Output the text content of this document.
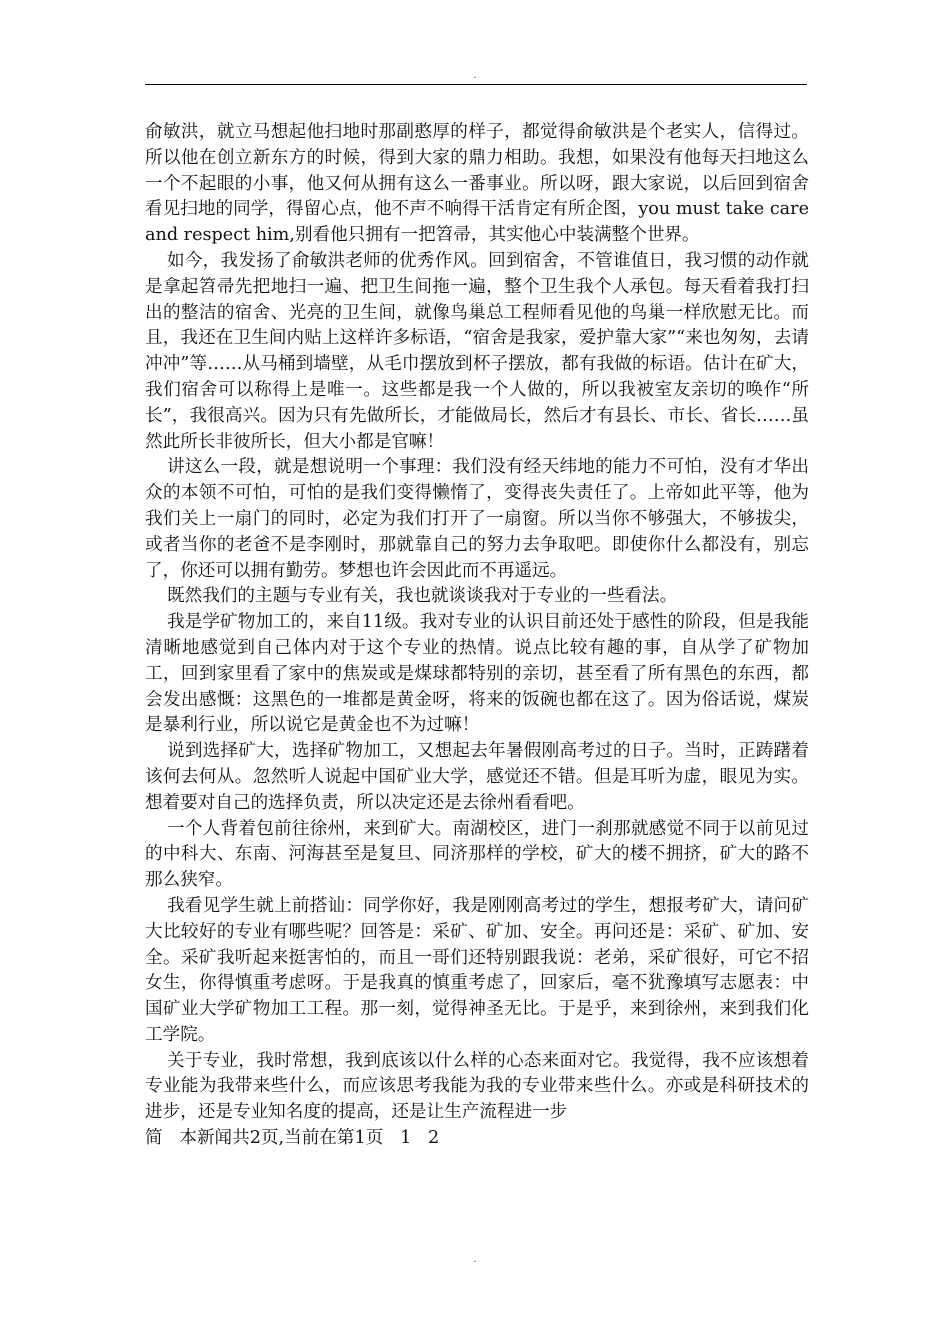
.

俞敏洪，就立马想起他扫地时那副憨厚的样子，都觉得俞敏洪是个老实人，信得过。所以他在创立新东方的时候，得到大家的鼎力相助。我想，如果没有他每天扫地这么一个不起眼的小事，他又何从拥有这么一番事业。所以呀，跟大家说，以后回到宿舍看见扫地的同学，得留心点，他不声不响得干活肯定有所企图，you must take care and respect him,别看他只拥有一把笤帚，其实他心中装满整个世界。

如今，我发扬了俞敏洪老师的优秀作风。回到宿舍，不管谁值日，我习惯的动作就是拿起笤帚先把地扫一遍、把卫生间拖一遍，整个卫生我个人承包。每天看着我打扫出的整洁的宿舍、光亮的卫生间，就像鸟巢总工程师看见他的鸟巢一样欣慰无比。而且，我还在卫生间内贴上这样许多标语，“宿舍是我家，爱护靠大家”“来也匆匆，去请冲冲”等……从马桶到墙壁，从毛巾摆放到杯子摆放，都有我做的标语。估计在矿大，我们宿舍可以称得上是唯一。这些都是我一个人做的，所以我被室友亲切的唤作“所长”，我很高兴。因为只有先做所长，才能做局长，然后才有县长、市长、省长……虽然此所长非彼所长，但大小都是官嘛！

讲这么一段，就是想说明一个事理：我们没有经天纬地的能力不可怕，没有才华出众的本领不可怕，可怕的是我们变得懒惰了，变得丧失责任了。上帝如此平等，他为我们关上一扇门的同时，必定为我们打开了一扇窗。所以当你不够强大，不够拔尖，或者当你的老爸不是李刚时，那就靠自己的努力去争取吧。即使你什么都没有，别忘了，你还可以拥有勤劳。梦想也许会因此而不再遥远。

既然我们的主题与专业有关，我也就谈谈我对于专业的一些看法。

我是学矿物加工的，来自11级。我对专业的认识目前还处于感性的阶段，但是我能清晰地感觉到自己体内对于这个专业的热情。说点比较有趣的事，自从学了矿物加工，回到家里看了家中的焦炭或是煤球都特别的亲切，甚至看了所有黑色的东西，都会发出感慨：这黑色的一堆都是黄金呀，将来的饭碗也都在这了。因为俗话说，煤炭是暴利行业，所以说它是黄金也不为过嘛！

说到选择矿大，选择矿物加工，又想起去年暑假刚高考过的日子。当时，正踌躇着该何去何从。忽然听人说起中国矿业大学，感觉还不错。但是耳听为虚，眼见为实。想着要对自己的选择负责，所以决定还是去徐州看看吧。

一个人背着包前往徐州，来到矿大。南湖校区，进门一刹那就感觉不同于以前见过的中科大、东南、河海甚至是复旦、同济那样的学校，矿大的楼不拥挤，矿大的路不那么狭窄。

我看见学生就上前搭讪：同学你好，我是刚刚高考过的学生，想报考矿大，请问矿大比较好的专业有哪些呢？回答是：采矿、矿加、安全。再问还是：采矿、矿加、安全。采矿我听起来挺害怕的，而且一哥们还特别跟我说：老弟，采矿很好，可它不招女生，你得慎重考虑呀。于是我真的慎重考虑了，回家后，毫不犹豫填写志愿表：中国矿业大学矿物加工工程。那一刻，觉得神圣无比。于是乎，来到徐州，来到我们化工学院。

关于专业，我时常想，我到底该以什么样的心态来面对它。我觉得，我不应该想着专业能为我带来些什么，而应该思考我能为我的专业带来些什么。亦或是科研技术的进步，还是专业知名度的提高，还是让生产流程进一步

简   本新闻共2页,当前在第1页   1   2

.
